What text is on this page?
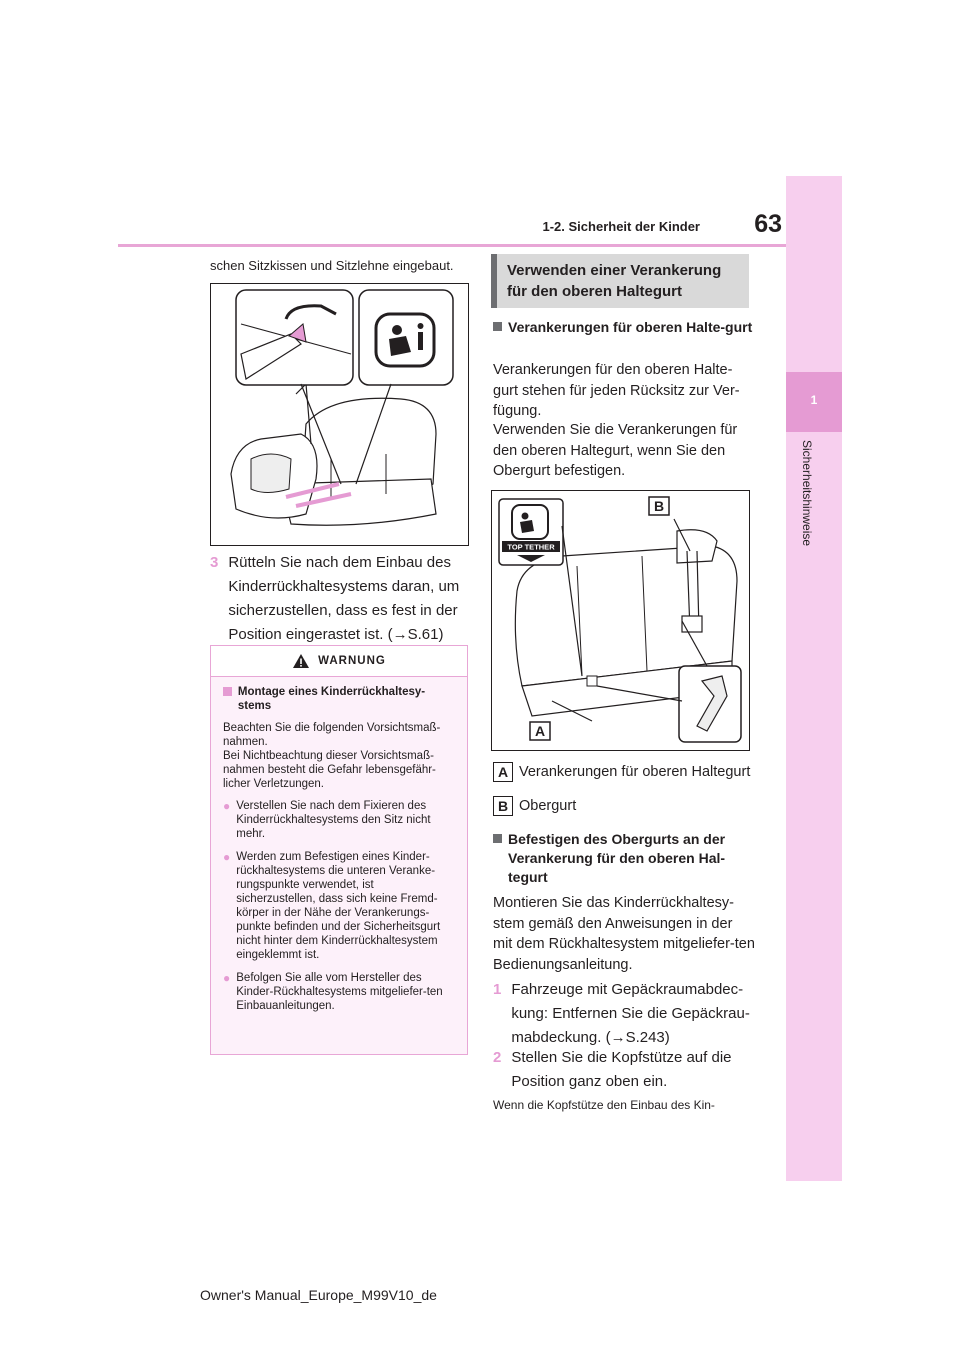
63
1-2. Sicherheit der Kinder
1
Sicherheitshinweise
schen Sitzkissen und Sitzlehne eingebaut.
3 Rütteln Sie nach dem Einbau des Kinderrückhaltesystems daran, um sicherzustellen, dass es fest in der Position eingerastet ist. (→S.61)
WARNUNG
Montage eines Kinderrückhaltesy-stems

Beachten Sie die folgenden Vorsichtsmaß-nahmen.

Bei Nichtbeachtung dieser Vorsichtsmaß-nahmen besteht die Gefahr lebensgefähr-licher Verletzungen.

● Verstellen Sie nach dem Fixieren des Kinderrückhaltesystems den Sitz nicht mehr.
● Werden zum Befestigen eines Kinder-rückhaltesystems die unteren Veranke-rungspunkte verwendet, ist sicherzustellen, dass sich keine Fremd-körper in der Nähe der Verankerungs-punkte befinden und der Sicherheitsgurt nicht hinter dem Kinderrückhaltesystem eingeklemmt ist.
● Befolgen Sie alle vom Hersteller des Kinder-Rückhaltesystems mitgeliefer-ten Einbauanleitungen.
Verwenden einer Verankerung für den oberen Haltegurt
Verankerungen für oberen Halte-gurt
Verankerungen für den oberen Halte-gurt stehen für jeden Rücksitz zur Ver-fügung.
Verwenden Sie die Verankerungen für den oberen Haltegurt, wenn Sie den Obergurt befestigen.
TOP TETHER
A
B
A Verankerungen für oberen Haltegurt
B Obergurt
Befestigen des Obergurts an der Verankerung für den oberen Hal-tegurt
Montieren Sie das Kinderrückhaltesy-stem gemäß den Anweisungen in der mit dem Rückhaltesystem mitgeliefer-ten Bedienungsanleitung.
1 Fahrzeuge mit Gepäckraumabdec-kung: Entfernen Sie die Gepäckrau-mabdeckung. (→S.243)
2 Stellen Sie die Kopfstütze auf die Position ganz oben ein.
Wenn die Kopfstütze den Einbau des Kin-
Owner's Manual_Europe_M99V10_de
